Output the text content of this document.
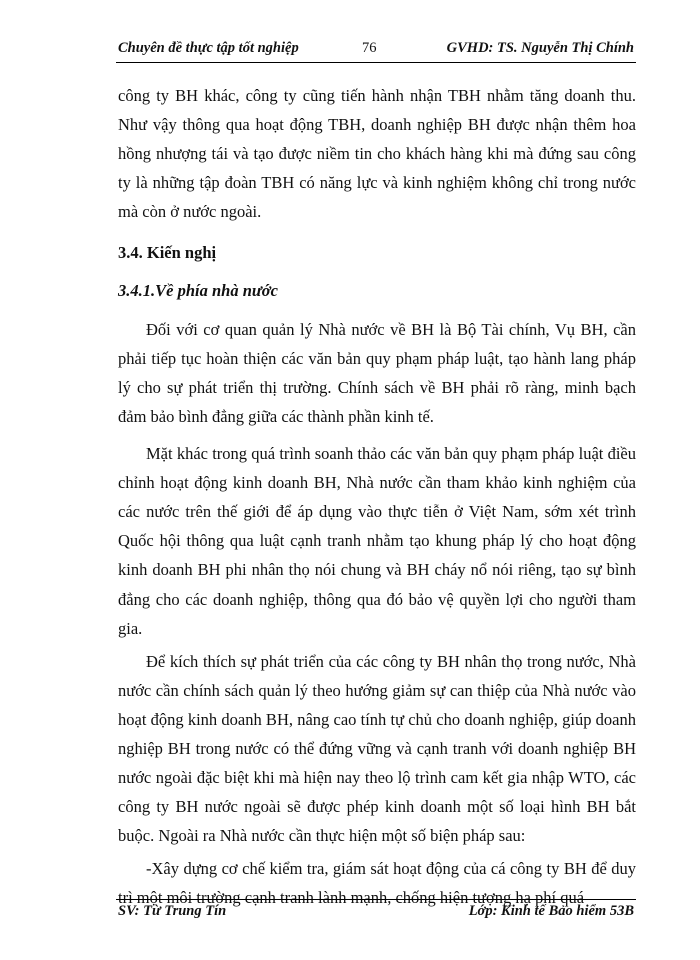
Chuyên đề thực tập tốt nghiệp	76	GVHD: TS. Nguyễn Thị Chính

công ty BH khác, công ty cũng tiến hành nhận TBH nhằm tăng doanh thu. Như vậy thông qua hoạt động TBH, doanh nghiệp BH được nhận thêm hoa hồng nhượng tái và tạo được niềm tin cho khách hàng khi mà đứng sau công ty là những tập đoàn TBH có năng lực và kinh nghiệm không chỉ trong nước mà còn ở nước ngoài.

3.4. Kiến nghị

3.4.1.Về phía nhà nước

Đối với cơ quan quản lý Nhà nước về BH là Bộ Tài chính, Vụ BH, cần phải tiếp tục hoàn thiện các văn bản quy phạm pháp luật, tạo hành lang pháp lý cho sự phát triển thị trường. Chính sách về BH phải rõ ràng, minh bạch đảm bảo bình đẳng giữa các thành phần kinh tế.

Mặt khác trong quá trình soanh thảo các văn bản quy phạm pháp luật điều chỉnh hoạt động kinh doanh BH, Nhà nước cần tham khảo kinh nghiệm của các nước trên thế giới để áp dụng vào thực tiễn ở Việt Nam, sớm xét trình Quốc hội thông qua luật cạnh tranh nhằm tạo khung pháp lý cho hoạt động kinh doanh BH phi nhân thọ nói chung và BH cháy nổ nói riêng, tạo sự bình đẳng cho các doanh nghiệp, thông qua đó bảo vệ quyền lợi cho người tham gia.

Để kích thích sự phát triển của các công ty BH nhân thọ trong nước, Nhà nước cần chính sách quản lý theo hướng giảm sự can thiệp của Nhà nước vào hoạt động kinh doanh BH, nâng cao tính tự chủ cho doanh nghiệp, giúp doanh nghiệp BH trong nước có thể đứng vững và cạnh tranh với doanh nghiệp BH nước ngoài đặc biệt khi mà hiện nay theo lộ trình cam kết gia nhập WTO, các công ty BH nước ngoài sẽ được phép kinh doanh một số loại hình BH bắt buộc. Ngoài ra Nhà nước cần thực hiện một số biện pháp sau:

-Xây dựng cơ chế kiểm tra, giám sát hoạt động của cá công ty BH để duy trì một môi trường cạnh tranh lành mạnh, chống hiện tượng hạ phí quá

SV: Từ Trung Tín	Lớp: Kinh tế Bảo hiểm 53B
